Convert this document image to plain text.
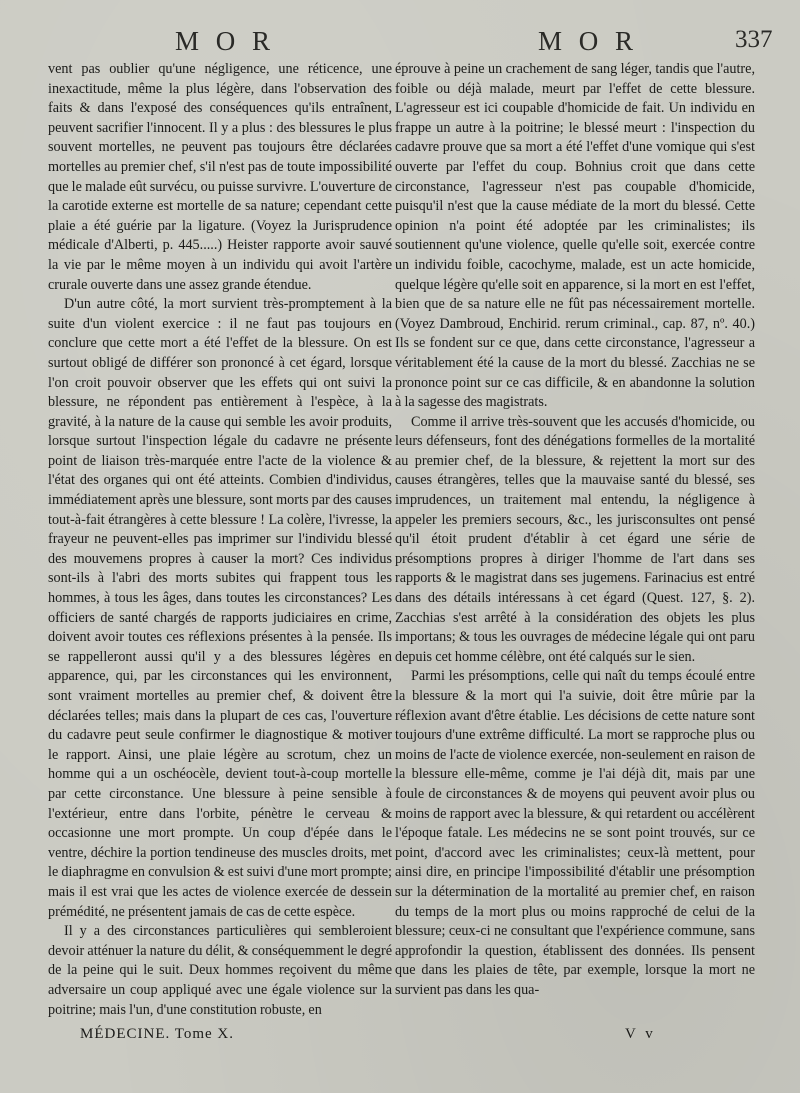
M O R	M O R	337

vent pas oublier qu'une négligence, une réticence, une inexactitude, même la plus légère, dans l'observation des faits & dans l'exposé des conséquences qu'ils entraînent, peuvent sacrifier l'innocent. Il y a plus : des blessures le plus souvent mortelles, ne peuvent pas toujours être déclarées mortelles au premier chef, s'il n'est pas de toute impossibilité que le malade eût survécu, ou puisse survivre. L'ouverture de la carotide externe est mortelle de sa nature; cependant cette plaie a été guérie par la ligature. (Voyez la Jurisprudence médicale d'Alberti, p. 445.....) Heister rapporte avoir sauvé la vie par le même moyen à un individu qui avoit l'artère crurale ouverte dans une assez grande étendue.

D'un autre côté, la mort survient très-promptement à la suite d'un violent exercice : il ne faut pas toujours en conclure que cette mort a été l'effet de la blessure. On est surtout obligé de différer son prononcé à cet égard, lorsque l'on croit pouvoir observer que les effets qui ont suivi la blessure, ne répondent pas entièrement à l'espèce, à la gravité, à la nature de la cause qui semble les avoir produits, lorsque surtout l'inspection légale du cadavre ne présente point de liaison très-marquée entre l'acte de la violence & l'état des organes qui ont été atteints. Combien d'individus, immédiatement après une blessure, sont morts par des causes tout-à-fait étrangères à cette blessure ! La colère, l'ivresse, la frayeur ne peuvent-elles pas imprimer sur l'individu blessé des mouvemens propres à causer la mort? Ces individus sont-ils à l'abri des morts subites qui frappent tous les hommes, à tous les âges, dans toutes les circonstances? Les officiers de santé chargés de rapports judiciaires en crime, doivent avoir toutes ces réflexions présentes à la pensée. Ils se rappelleront aussi qu'il y a des blessures légères en apparence, qui, par les circonstances qui les environnent, sont vraiment mortelles au premier chef, & doivent être déclarées telles; mais dans la plupart de ces cas, l'ouverture du cadavre peut seule confirmer le diagnostique & motiver le rapport. Ainsi, une plaie légère au scrotum, chez un homme qui a un oschéocèle, devient tout-à-coup mortelle par cette circonstance. Une blessure à peine sensible à l'extérieur, entre dans l'orbite, pénètre le cerveau & occasionne une mort prompte. Un coup d'épée dans le ventre, déchire la portion tendineuse des muscles droits, met le diaphragme en convulsion & est suivi d'une mort prompte; mais il est vrai que les actes de violence exercée de dessein prémédité, ne présentent jamais de cas de cette espèce.

Il y a des circonstances particulières qui sembleroient devoir atténuer la nature du délit, & conséquemment le degré de la peine qui le suit. Deux hommes reçoivent du même adversaire un coup appliqué avec une égale violence sur la poitrine; mais l'un, d'une constitution robuste, en

éprouve à peine un crachement de sang léger, tandis que l'autre, foible ou déjà malade, meurt par l'effet de cette blessure. L'agresseur est ici coupable d'homicide de fait. Un individu en frappe un autre à la poitrine; le blessé meurt : l'inspection du cadavre prouve que sa mort a été l'effet d'une vomique qui s'est ouverte par l'effet du coup. Bohnius croit que dans cette circonstance, l'agresseur n'est pas coupable d'homicide, puisqu'il n'est que la cause médiate de la mort du blessé. Cette opinion n'a point été adoptée par les criminalistes; ils soutiennent qu'une violence, quelle qu'elle soit, exercée contre un individu foible, cacochyme, malade, est un acte homicide, quelque légère qu'elle soit en apparence, si la mort en est l'effet, bien que de sa nature elle ne fût pas nécessairement mortelle. (Voyez Dambroud, Enchirid. rerum criminal., cap. 87, nº. 40.) Ils se fondent sur ce que, dans cette circonstance, l'agresseur a véritablement été la cause de la mort du blessé. Zacchias ne se prononce point sur ce cas difficile, & en abandonne la solution à la sagesse des magistrats.

Comme il arrive très-souvent que les accusés d'homicide, ou leurs défenseurs, font des dénégations formelles de la mortalité au premier chef, de la blessure, & rejettent la mort sur des causes étrangères, telles que la mauvaise santé du blessé, ses imprudences, un traitement mal entendu, la négligence à appeler les premiers secours, &c., les jurisconsultes ont pensé qu'il étoit prudent d'établir à cet égard une série de présomptions propres à diriger l'homme de l'art dans ses rapports & le magistrat dans ses jugemens. Farinacius est entré dans des détails intéressans à cet égard (Quest. 127, §. 2). Zacchias s'est arrêté à la considération des objets les plus importans; & tous les ouvrages de médecine légale qui ont paru depuis cet homme célèbre, ont été calqués sur le sien.

Parmi les présomptions, celle qui naît du temps écoulé entre la blessure & la mort qui l'a suivie, doit être mûrie par la réflexion avant d'être établie. Les décisions de cette nature sont toujours d'une extrême difficulté. La mort se rapproche plus ou moins de l'acte de violence exercée, non-seulement en raison de la blessure elle-même, comme je l'ai déjà dit, mais par une foule de circonstances & de moyens qui peuvent avoir plus ou moins de rapport avec la blessure, & qui retardent ou accélèrent l'époque fatale. Les médecins ne se sont point trouvés, sur ce point, d'accord avec les criminalistes; ceux-là mettent, pour ainsi dire, en principe l'impossibilité d'établir une présomption sur la détermination de la mortalité au premier chef, en raison du temps de la mort plus ou moins rapproché de celui de la blessure; ceux-ci ne consultant que l'expérience commune, sans approfondir la question, établissent des données. Ils pensent que dans les plaies de tête, par exemple, lorsque la mort ne survient pas dans les qua-

MÉDECINE. Tome X.	V v
